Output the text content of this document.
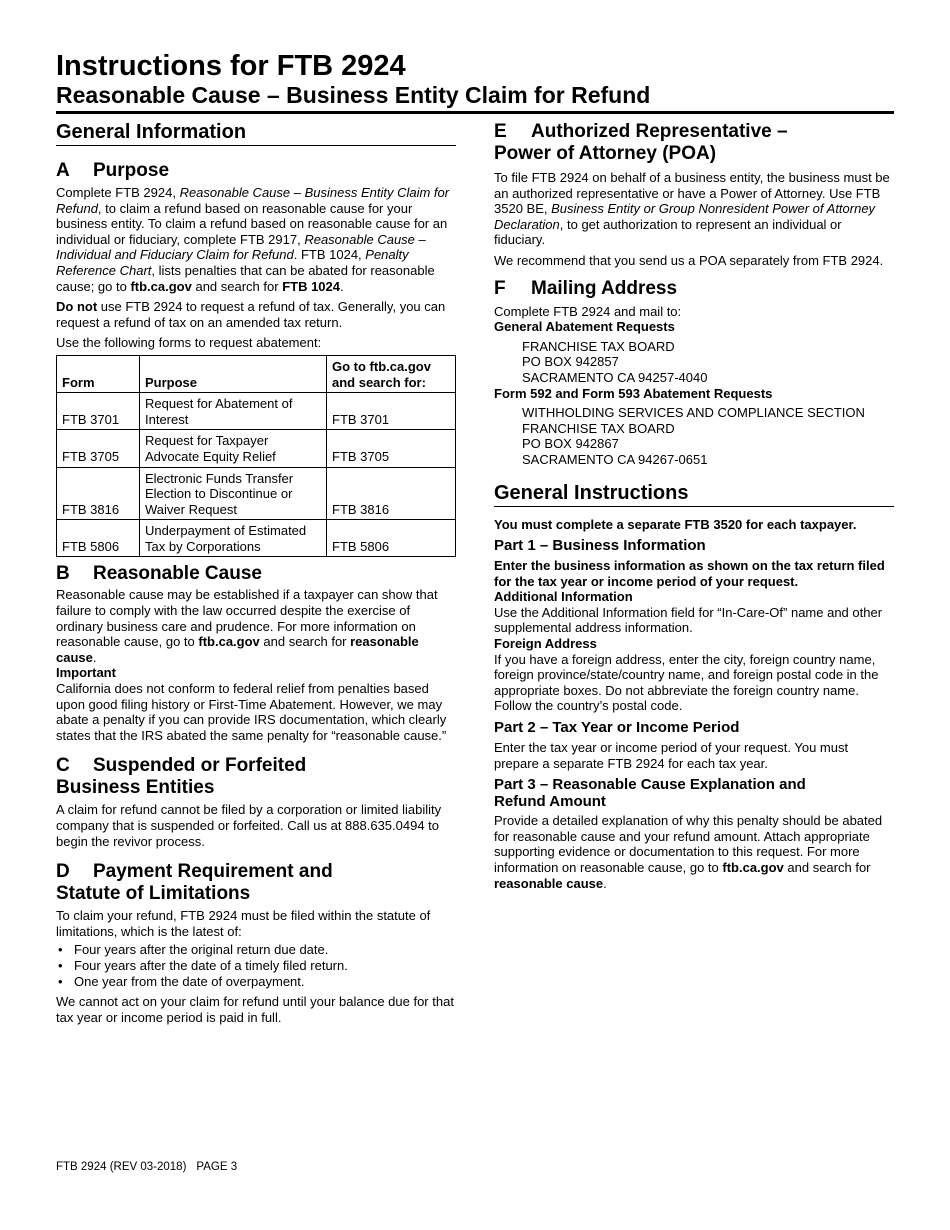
Instructions for FTB 2924
Reasonable Cause – Business Entity Claim for Refund
General Information
A Purpose

Complete FTB 2924, Reasonable Cause – Business Entity Claim for Refund, to claim a refund based on reasonable cause for your business entity. To claim a refund based on reasonable cause for an individual or fiduciary, complete FTB 2917, Reasonable Cause – Individual and Fiduciary Claim for Refund. FTB 1024, Penalty Reference Chart, lists penalties that can be abated for reasonable cause; go to ftb.ca.gov and search for FTB 1024.

Do not use FTB 2924 to request a refund of tax. Generally, you can request a refund of tax on an amended tax return.

Use the following forms to request abatement:

Form	Purpose	Go to ftb.ca.gov and search for:
FTB 3701	Request for Abatement of Interest	FTB 3701
FTB 3705	Request for Taxpayer Advocate Equity Relief	FTB 3705
FTB 3816	Electronic Funds Transfer Election to Discontinue or Waiver Request	FTB 3816
FTB 5806	Underpayment of Estimated Tax by Corporations	FTB 5806
B Reasonable Cause

Reasonable cause may be established if a taxpayer can show that failure to comply with the law occurred despite the exercise of ordinary business care and prudence. For more information on reasonable cause, go to ftb.ca.gov and search for reasonable cause.

Important

California does not conform to federal relief from penalties based upon good filing history or First-Time Abatement. However, we may abate a penalty if you can provide IRS documentation, which clearly states that the IRS abated the same penalty for “reasonable cause.”

C Suspended or Forfeited
Business Entities

A claim for refund cannot be filed by a corporation or limited liability company that is suspended or forfeited. Call us at 888.635.0494 to begin the revivor process.

D Payment Requirement and
Statute of Limitations

To claim your refund, FTB 2924 must be filed within the statute of limitations, which is the latest of:

• Four years after the original return due date.
• Four years after the date of a timely filed return.
• One year from the date of overpayment.

We cannot act on your claim for refund until your balance due for that tax year or income period is paid in full.

E Authorized Representative –
Power of Attorney (POA)

To file FTB 2924 on behalf of a business entity, the business must be an authorized representative or have a Power of Attorney. Use FTB 3520 BE, Business Entity or Group Nonresident Power of Attorney Declaration, to get authorization to represent an individual or fiduciary.

We recommend that you send us a POA separately from FTB 2924.

F Mailing Address

Complete FTB 2924 and mail to:

General Abatement Requests

FRANCHISE TAX BOARD

PO BOX 942857

SACRAMENTO CA 94257-4040

Form 592 and Form 593 Abatement Requests

WITHHOLDING SERVICES AND COMPLIANCE SECTION

FRANCHISE TAX BOARD

PO BOX 942867

SACRAMENTO CA 94267-0651

General Instructions

You must complete a separate FTB 3520 for each taxpayer.

Part 1 – Business Information

Enter the business information as shown on the tax return filed for the tax year or income period of your request.

Additional Information

Use the Additional Information field for “In-Care-Of” name and other supplemental address information.

Foreign Address

If you have a foreign address, enter the city, foreign country name, foreign province/state/country name, and foreign postal code in the appropriate boxes. Do not abbreviate the foreign country name. Follow the country’s postal code.

Part 2 – Tax Year or Income Period

Enter the tax year or income period of your request. You must prepare a separate FTB 2924 for each tax year.

Part 3 – Reasonable Cause Explanation and
Refund Amount

Provide a detailed explanation of why this penalty should be abated for reasonable cause and your refund amount. Attach appropriate supporting evidence or documentation to this request. For more information on reasonable cause, go to ftb.ca.gov and search for reasonable cause.

FTB 2924 (REV 03-2018) PAGE 3
